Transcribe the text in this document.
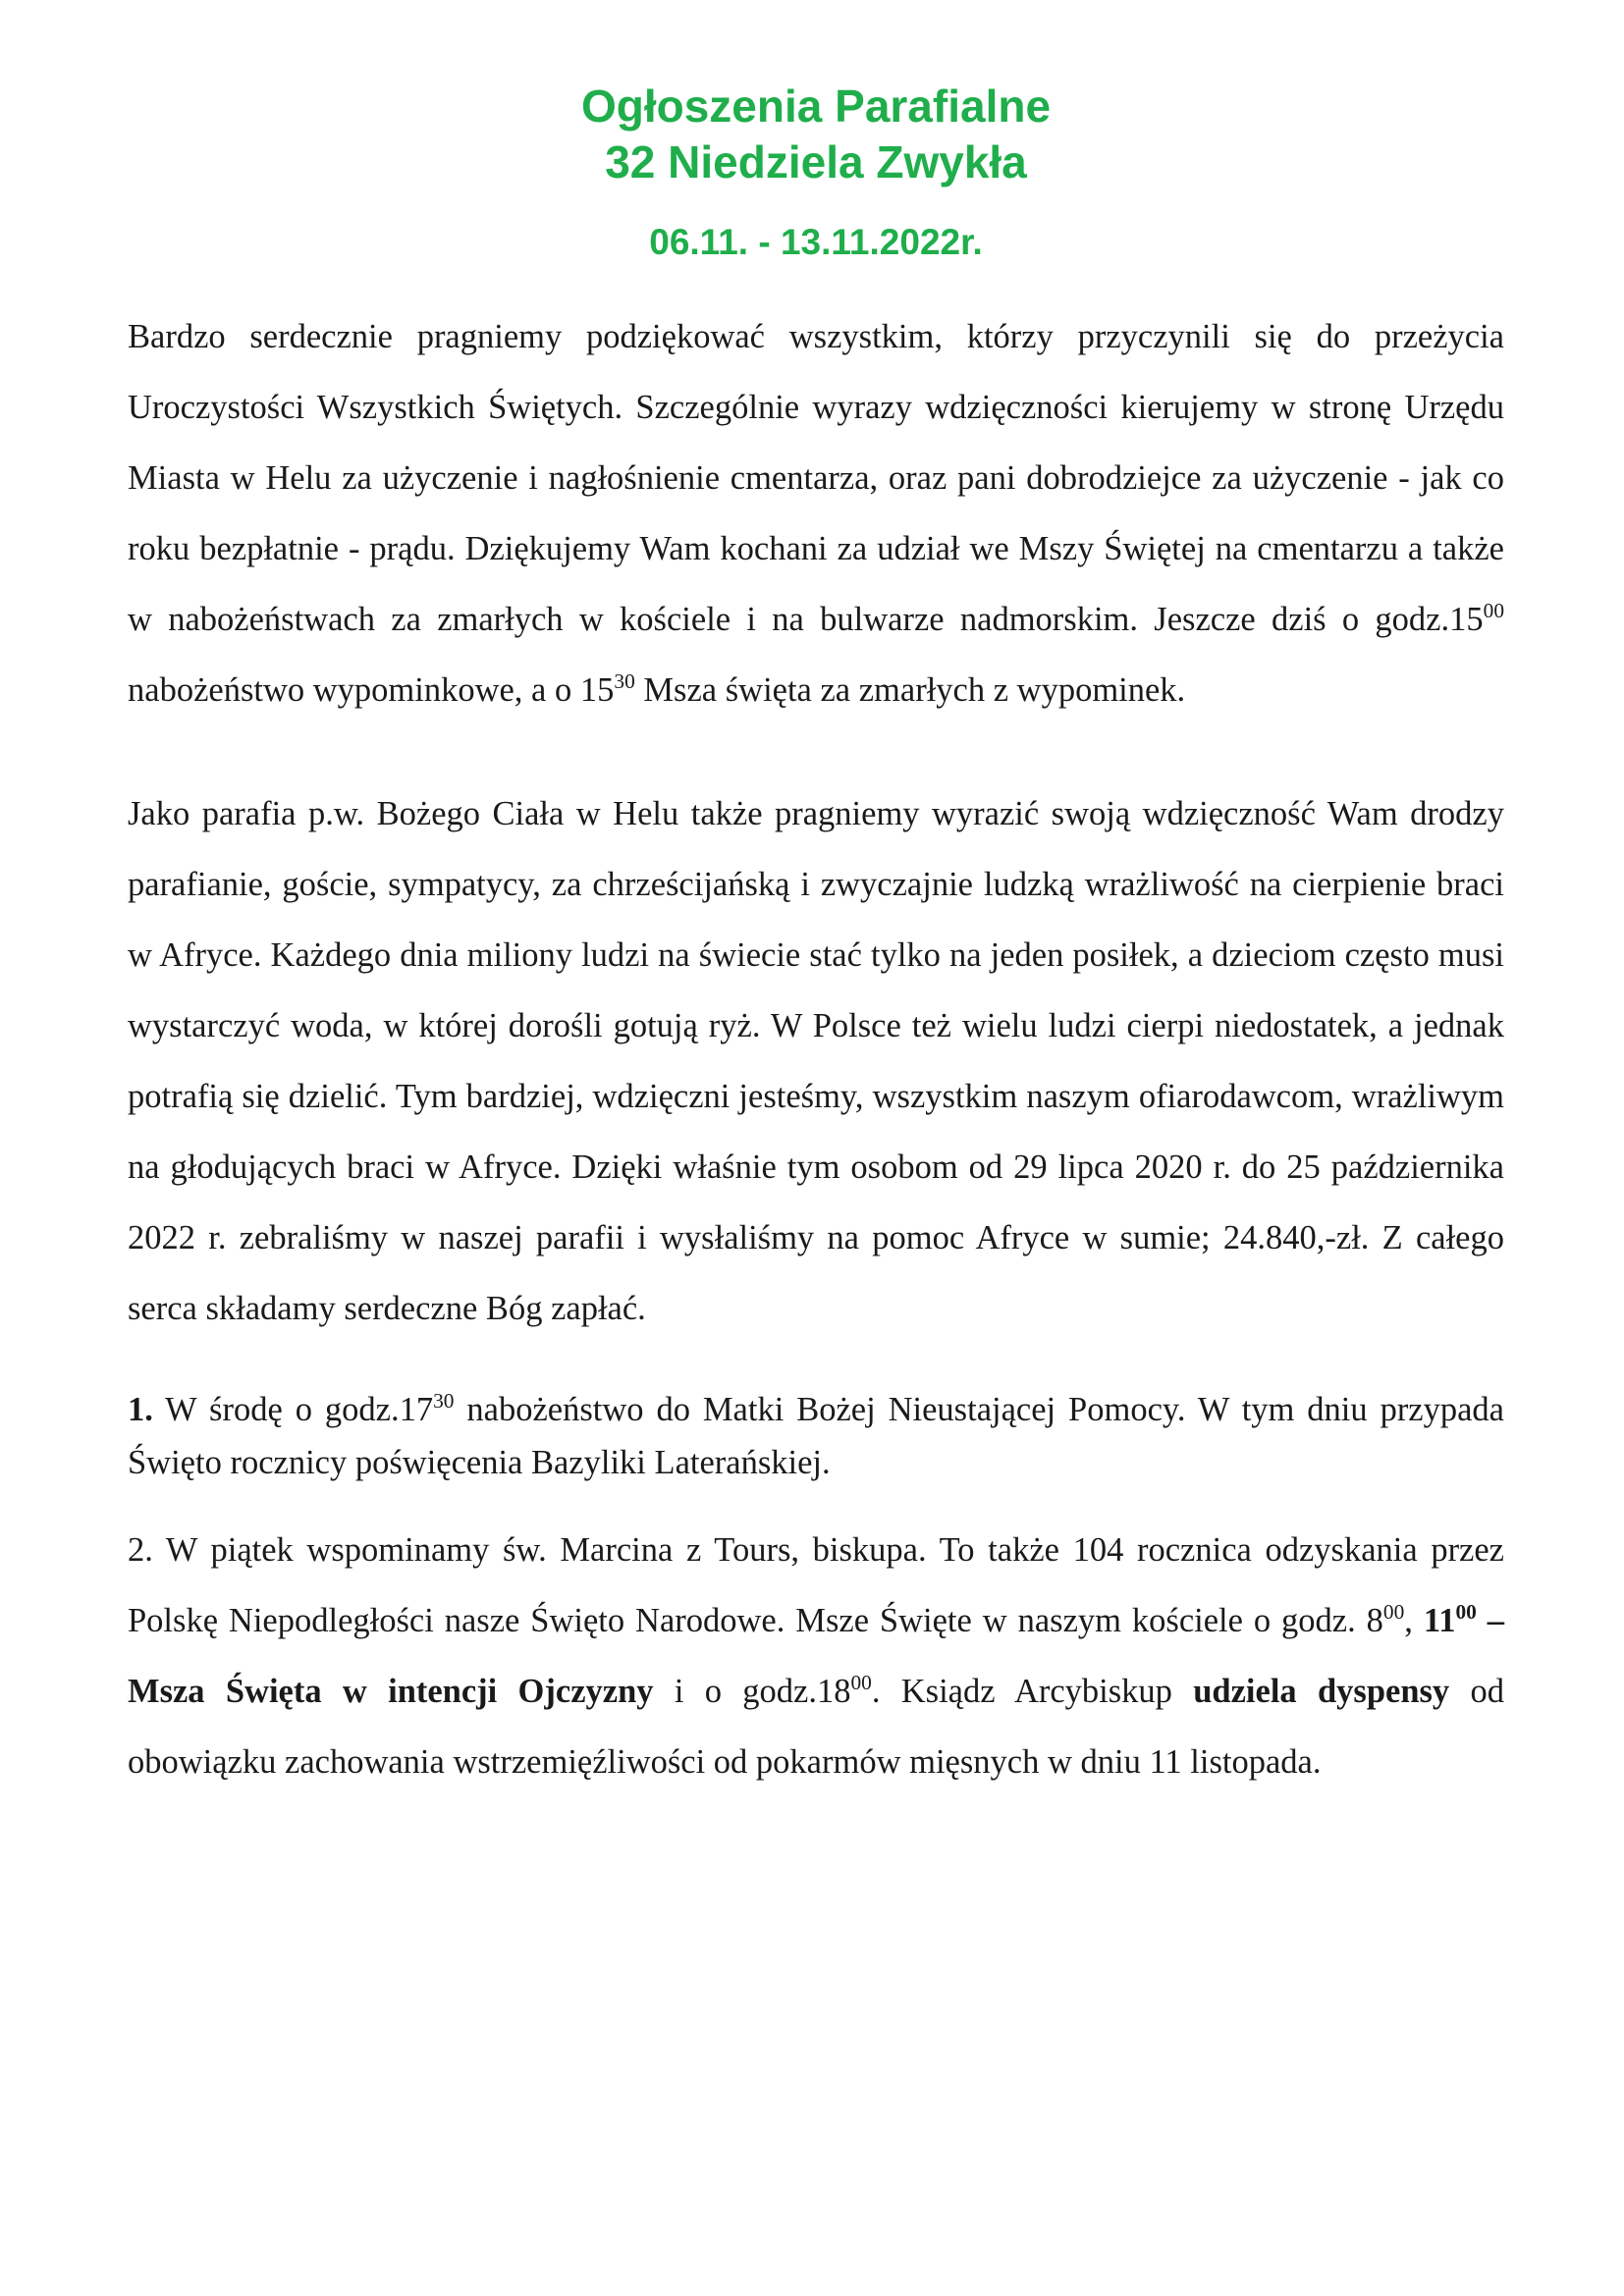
Ogłoszenia Parafialne
32 Niedziela Zwykła
06.11. - 13.11.2022r.

Bardzo serdecznie pragniemy podziękować wszystkim, którzy przyczynili się do przeżycia Uroczystości Wszystkich Świętych. Szczególnie wyrazy wdzięczności kierujemy w stronę Urzędu Miasta w Helu za użyczenie i nagłośnienie cmentarza, oraz pani dobrodziejce za użyczenie - jak co roku bezpłatnie - prądu. Dziękujemy Wam kochani za udział we Mszy Świętej na cmentarzu a także w nabożeństwach za zmarłych w kościele i na bulwarze nadmorskim. Jeszcze dziś o $godz.15^{00}$ nabożeństwo wypominkowe, a o $15^{30}$ Msza święta za zmarłych z wypominek.

Jako parafia p.w. Bożego Ciała w Helu także pragniemy wyrazić swoją wdzięczność Wam drodzy parafianie, goście, sympatycy, za chrześcijańską i zwyczajnie ludzką wrażliwość na cierpienie braci w Afryce. Każdego dnia miliony ludzi na świecie stać tylko na jeden posiłek, a dzieciom często musi wystarczyć woda, w której dorośli gotują ryż. W Polsce też wielu ludzi cierpi niedostatek, a jednak potrafią się dzielić. Tym bardziej, wdzięczni jesteśmy, wszystkim naszym ofiarodawcom, wrażliwym na głodujących braci w Afryce. Dzięki właśnie tym osobom od 29 lipca 2020 r. do 25 października 2022 r. zebraliśmy w naszej parafii i wysłaliśmy na pomoc Afryce w sumie; 24.840,-zł. Z całego serca składamy serdeczne Bóg zapłać.

1. W środę o $godz.17^{30}$ nabożeństwo do Matki Bożej Nieustającej Pomocy. W tym dniu przypada Święto rocznicy poświęcenia Bazyliki Laterańskiej.

2. W piątek wspominamy św. Marcina z Tours, biskupa. To także 104 rocznica odzyskania przez Polskę Niepodległości nasze Święto Narodowe. Msze Święte w naszym kościele o godz. $8^{00}$, $11^{00}$ – Msza Święta w intencji Ojczyzny i o $godz.18^{00}$. Ksiądz Arcybiskup udziela dyspensy od obowiązku zachowania wstrzemięźliwości od pokarmów mięsnych w dniu 11 listopada.
